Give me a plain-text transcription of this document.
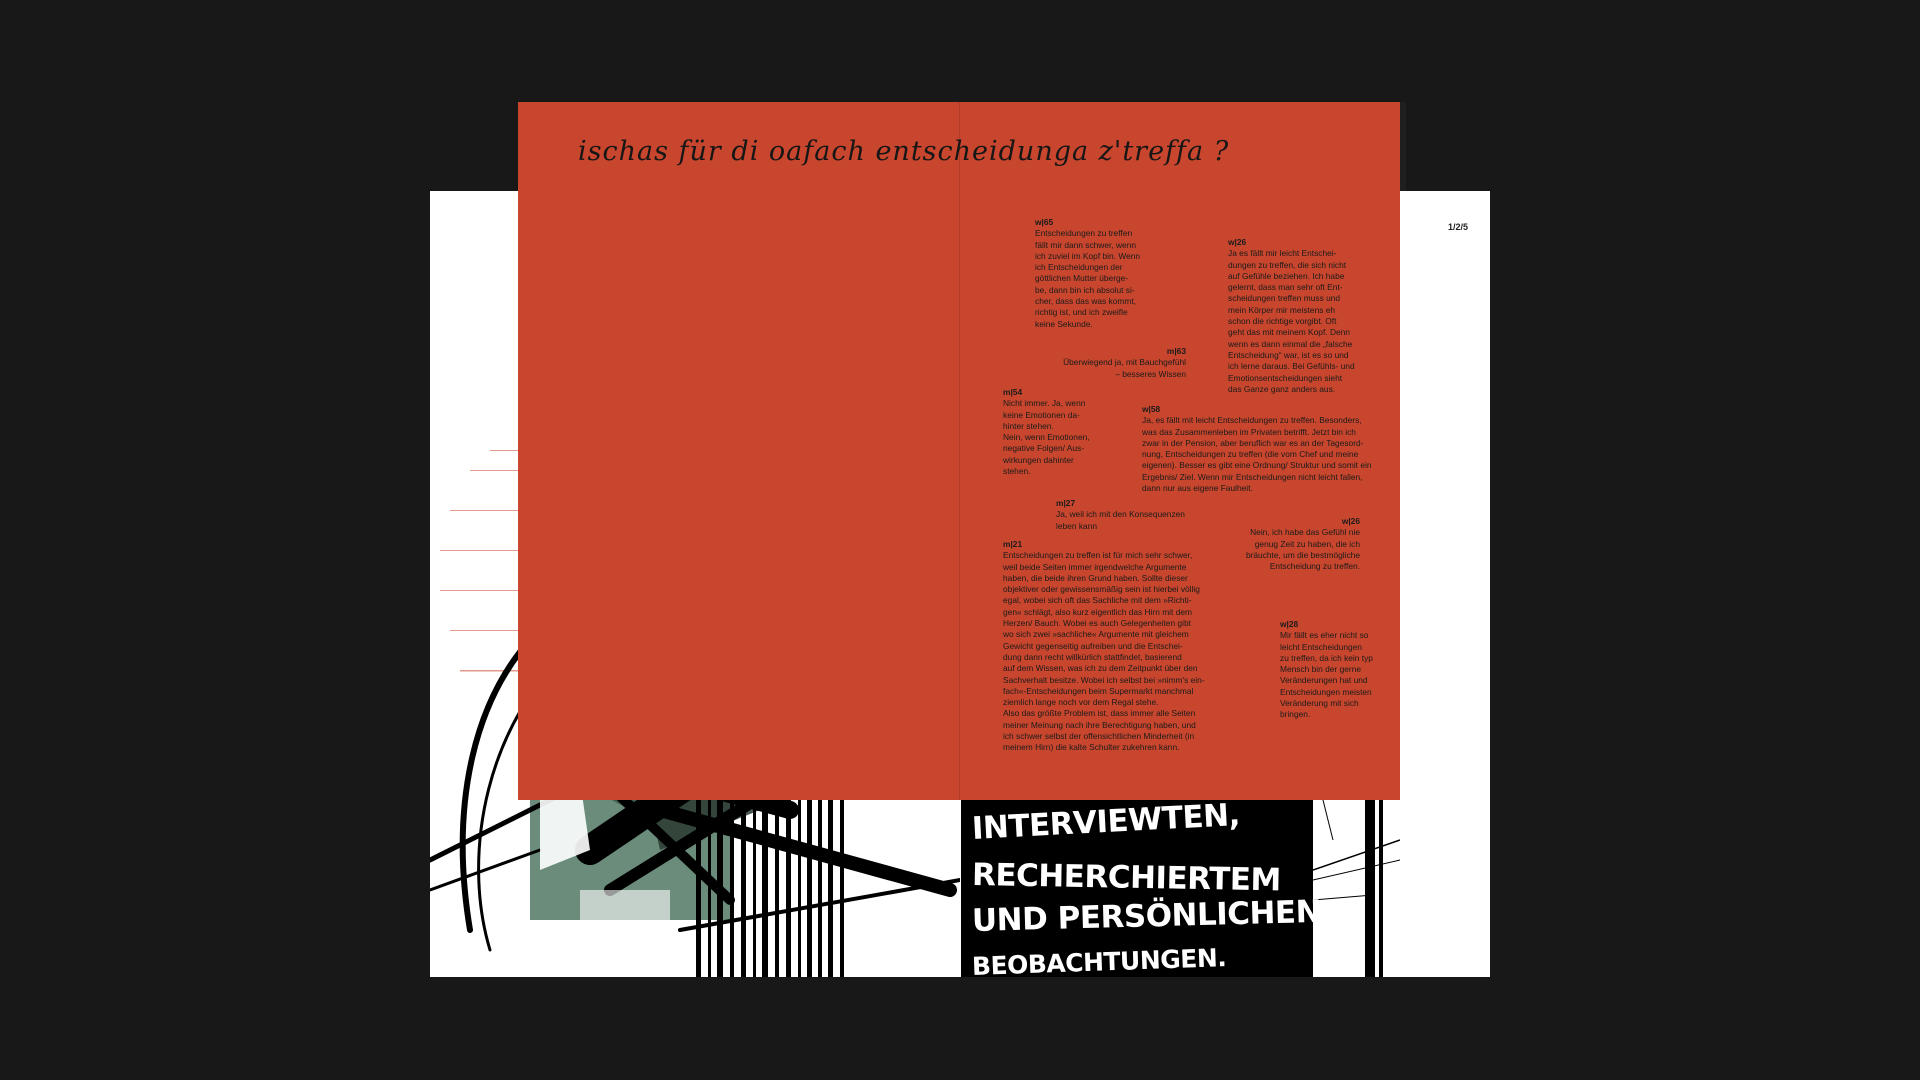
ischas für di oafach entscheidunga z'treffa ?
1/2/5
w|65
Entscheidungen zu treffen
fällt mir dann schwer, wenn
ich zuviel im Kopf bin. Wenn
ich Entscheidungen der
göttlichen Mutter überge-
be, dann bin ich absolut si-
cher, dass das was kommt,
richtig ist, und ich zweifle
keine Sekunde.
w|26
Ja es fällt mir leicht Entschei-
dungen zu treffen, die sich nicht
auf Gefühle beziehen. Ich habe
gelernt, dass man sehr oft Ent-
scheidungen treffen muss und
mein Körper mir meistens eh
schon die richtige vorgibt. Oft
geht das mit meinem Kopf. Denn
wenn es dann einmal die „falsche
Entscheidung“ war, ist es so und
ich lerne daraus. Bei Gefühls- und
Emotionsentscheidungen sieht
das Ganze ganz anders aus.
m|63
Überwiegend ja, mit Bauchgefühl
– besseres Wissen
m|54
Nicht immer. Ja, wenn
keine Emotionen da-
hinter stehen.
Nein, wenn Emotionen,
negative Folgen/ Aus-
wirkungen dahinter
stehen.
w|58
Ja, es fällt mit leicht Entscheidungen zu treffen. Besonders,
was das Zusammenleben im Privaten betrifft. Jetzt bin ich
zwar in der Pension, aber beruflich war es an der Tagesord-
nung, Entscheidungen zu treffen (die vom Chef und meine
eigenen). Besser es gibt eine Ordnung/ Struktur und somit ein
Ergebnis/ Ziel. Wenn mir Entscheidungen nicht leicht fallen,
dann nur aus eigene Faulheit.
m|27
Ja, weil ich mit den Konsequenzen
leben kann	w|26
Nein, ich habe das Gefühl nie
genug Zeit zu haben, die ich
bräuchte, um die bestmögliche
Entscheidung zu treffen.
m|21
Entscheidungen zu treffen ist für mich sehr schwer,
weil beide Seiten immer irgendwelche Argumente
haben, die beide ihren Grund haben. Sollte dieser
objektiver oder gewissensmäßig sein ist hierbei völlig
egal, wobei sich oft das Sachliche mit dem »Richti-
gen« schlägt, also kurz eigentlich das Hirn mit dem
Herzen/ Bauch. Wobei es auch Gelegenheiten gibt
wo sich zwei »sachliche« Argumente mit gleichem
Gewicht gegenseitig aufreiben und die Entschei-
dung dann recht willkürlich stattfindet, basierend
auf dem Wissen, was ich zu dem Zeitpunkt über den
Sachverhalt besitze. Wobei ich selbst bei »nimm's ein-
fach«-Entscheidungen beim Supermarkt manchmal
ziemlich lange noch vor dem Regal stehe.
Also das größte Problem ist, dass immer alle Seiten
meiner Meinung nach ihre Berechtigung haben, und
ich schwer selbst der offensichtlichen Minderheit (in
meinem Hirn) die kalte Schulter zukehren kann.
w|28
Mir fällt es eher nicht so
leicht Entscheidungen
zu treffen, da ich kein typ
Mensch bin der gerne
Veränderungen hat und
Entscheidungen meisten
Veränderung mit sich
bringen.
INTERVIEWTEN,
RECHERCHIERTEM
UND PERSÖNLICHEN
BEOBACHTUNGEN.
